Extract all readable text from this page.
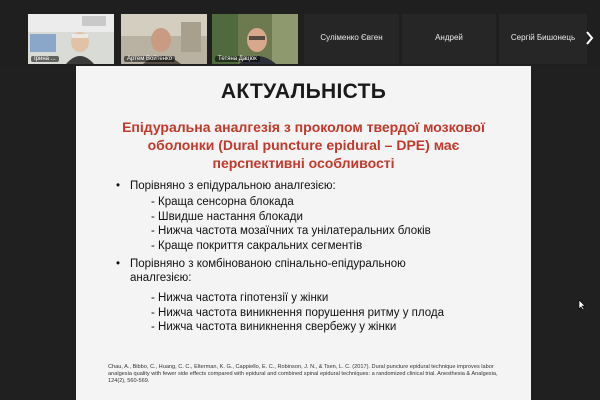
Ірина ...	Артем Войтенко	Тетяна Дацюк
Суліменко Євген	Андрей	Сергій Бишонець
АКТУАЛЬНІСТЬ
Епідуральна аналгезія з проколом твердої мозкової
оболонки (Dural puncture epidural – DPE) має
перспективні особливості
• Порівняно з епідуральною аналгезією:
- Краща сенсорна блокада
- Швидше настання блокади
- Нижча частота мозаїчних та унілатеральних блоків
- Краще покриття сакральних сегментів
• Порівняно з комбінованою спінально-епідуральною
аналгезією:
- Нижча частота гіпотензії у жінки
- Нижча частота виникнення порушення ритму у плода
- Нижча частота виникнення свербежу у жінки
Chau, A., Bibbo, C., Huang, C. C., Elterman, K. G., Cappiello, E. C., Robinson, J. N., & Tsen, L. C. (2017). Dural puncture epidural technique improves labor analgesia quality with fewer side effects compared with epidural and combined spinal epidural techniques: a randomized clinical trial. Anesthesia & Analgesia, 124(2), 560-569.
